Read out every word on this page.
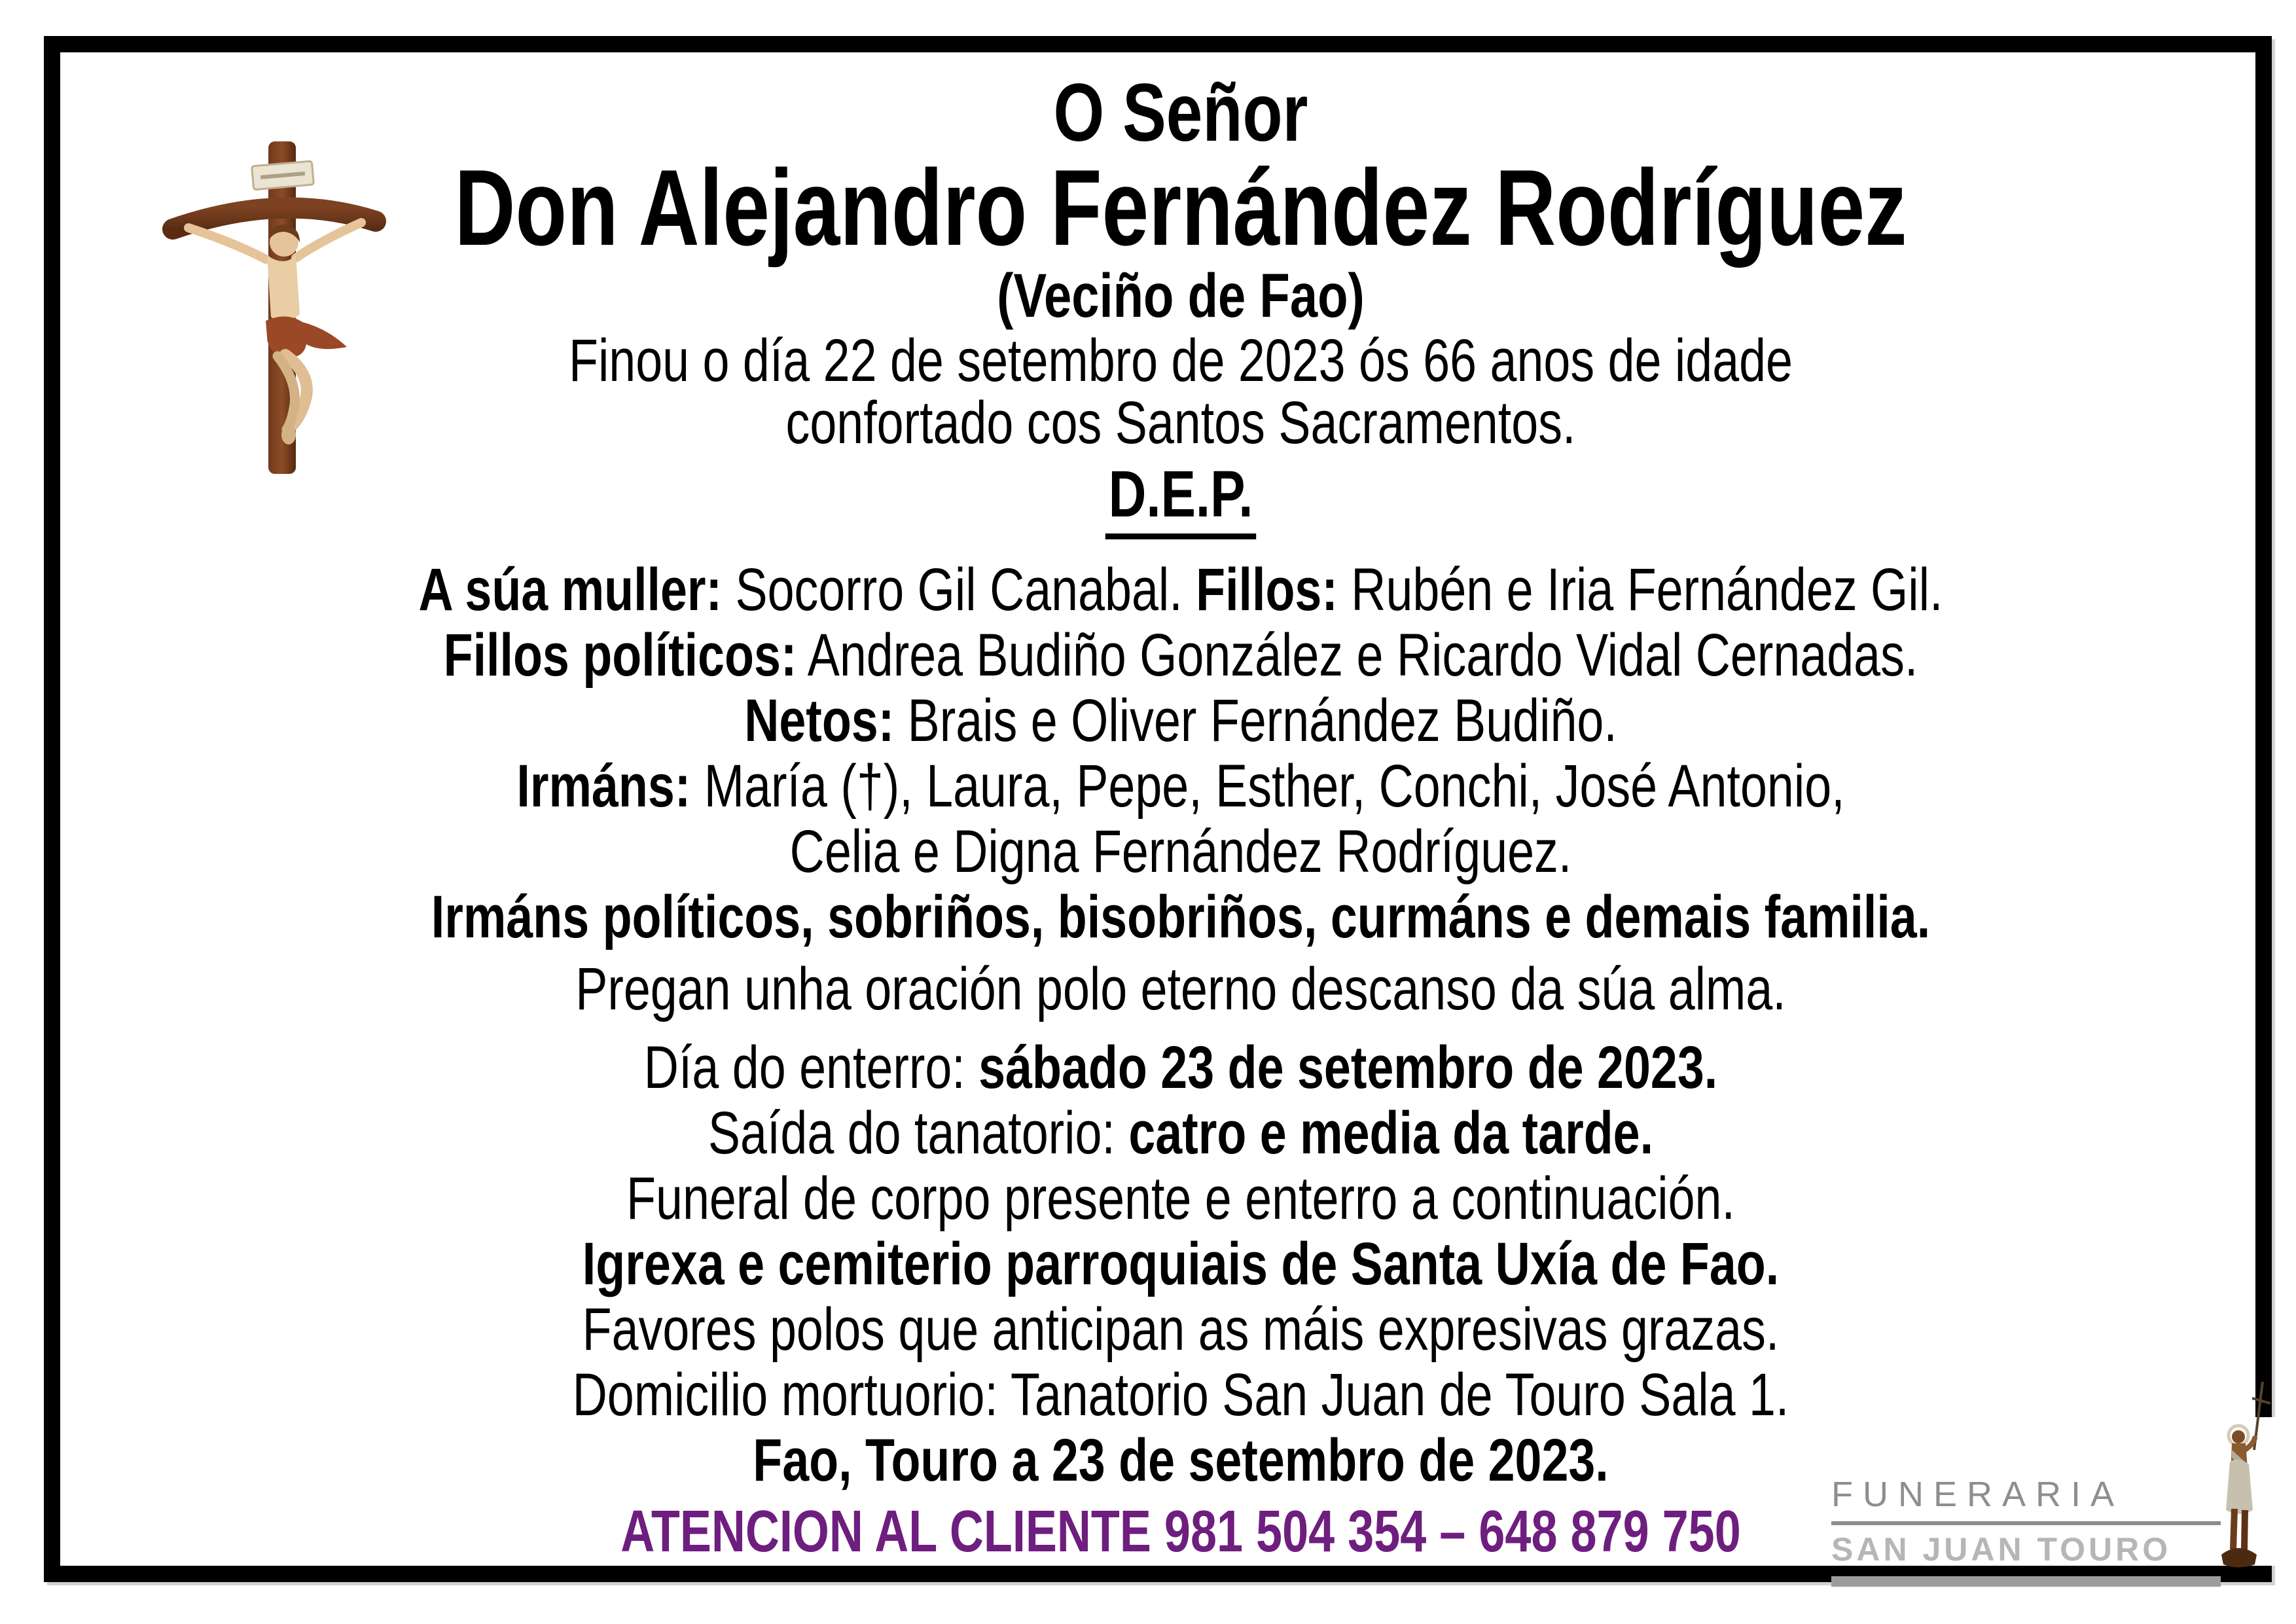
O Señor
Don Alejandro Fernández Rodríguez
(Veciño de Fao)
Finou o día 22 de setembro de 2023 ós 66 anos de idade
confortado cos Santos Sacramentos.
D.E.P.
A súa muller: Socorro Gil Canabal. Fillos: Rubén e Iria Fernández Gil.
Fillos políticos: Andrea Budiño González e Ricardo Vidal Cernadas.
Netos: Brais e Oliver Fernández Budiño.
Irmáns: María (†), Laura, Pepe, Esther, Conchi, José Antonio,
Celia e Digna Fernández Rodríguez.
Irmáns políticos, sobriños, bisobriños, curmáns e demais familia.
Pregan unha oración polo eterno descanso da súa alma.
Día do enterro: sábado 23 de setembro de 2023.
Saída do tanatorio: catro e media da tarde.
Funeral de corpo presente e enterro a continuación.
Igrexa e cemiterio parroquiais de Santa Uxía de Fao.
Favores polos que anticipan as máis expresivas grazas.
Domicilio mortuorio: Tanatorio San Juan de Touro Sala 1.
Fao, Touro a 23 de setembro de 2023.
ATENCION AL CLIENTE 981 504 354 – 648 879 750
FUNERARIA
SAN JUAN TOURO
